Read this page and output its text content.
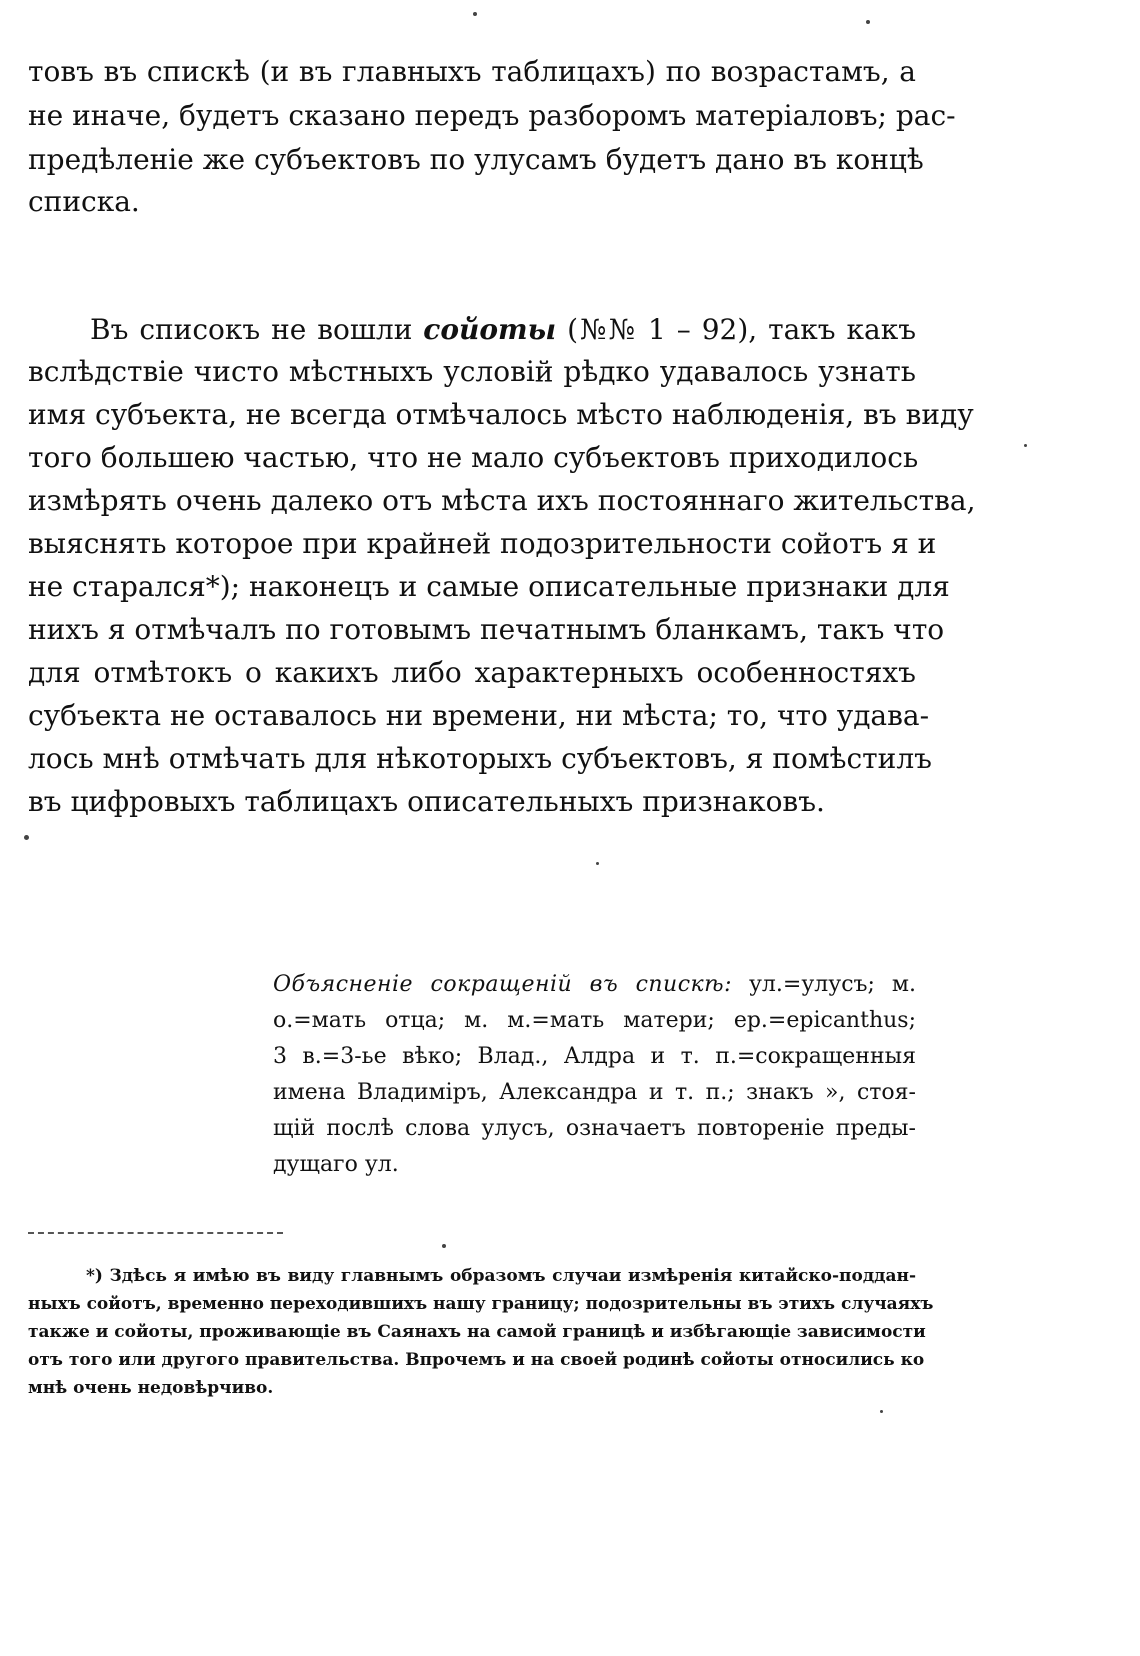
товъ въ спискѣ (и въ главныхъ таблицахъ) по возрастамъ, а
не иначе, будетъ сказано передъ разборомъ матеріаловъ; рас-
предѣленіе же субъектовъ по улусамъ будетъ дано въ концѣ
списка.
Въ списокъ не вошли сойоты (№№ 1 – 92), такъ какъ
вслѣдствіе чисто мѣстныхъ условій рѣдко удавалось узнать
имя субъекта, не всегда отмѣчалось мѣсто наблюденія, въ виду
того большею частью, что не мало субъектовъ приходилось
измѣрять очень далеко отъ мѣста ихъ постояннаго жительства,
выяснять которое при крайней подозрительности сойотъ я и
не старался*); наконецъ и самые описательные признаки для
нихъ я отмѣчалъ по готовымъ печатнымъ бланкамъ, такъ что
для отмѣтокъ о какихъ либо характерныхъ особенностяхъ
субъекта не оставалось ни времени, ни мѣста; то, что удава-
лось мнѣ отмѣчать для нѣкоторыхъ субъектовъ, я помѣстилъ
въ цифровыхъ таблицахъ описательныхъ признаковъ.
Объясненіе сокращеній въ спискѣ: ул.=улусъ; м.
о.=мать отца; м. м.=мать матери; ер.=epicanthus;
3 в.=3-ье вѣко; Влад., Алдра и т. п.=сокращенныя
имена Владиміръ, Александра и т. п.; знакъ », стоя-
щій послѣ слова улусъ, означаетъ повтореніе преды-
дущаго ул.
*) Здѣсь я имѣю въ виду главнымъ образомъ случаи измѣренія китайско-поддан-
ныхъ сойотъ, временно переходившихъ нашу границу; подозрительны въ этихъ случаяхъ
также и сойоты, проживающіе въ Саянахъ на самой границѣ и избѣгающіе зависимости
отъ того или другого правительства. Впрочемъ и на своей родинѣ сойоты относились ко
мнѣ очень недовѣрчиво.
